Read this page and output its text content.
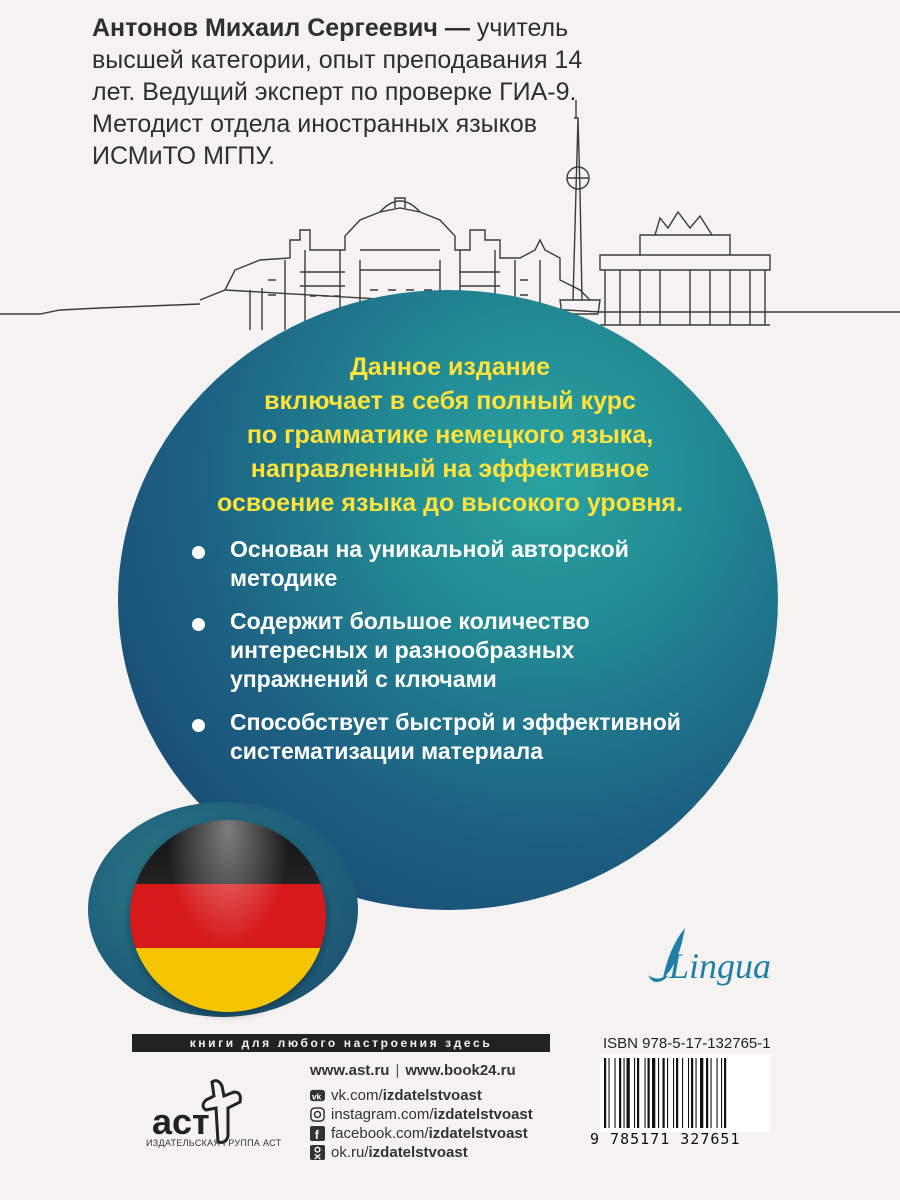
Антонов Михаил Сергеевич — учитель высшей категории, опыт преподавания 14 лет. Ведущий эксперт по проверке ГИА-9. Методист отдела иностранных языков ИСМиТО МГПУ.
Данное издание
включает в себя полный курс
по грамматике немецкого языка,
направленный на эффективное
освоение языка до высокого уровня.
Основан на уникальной авторской методике
Содержит большое количество интересных и разнообразных упражнений с ключами
Способствует быстрой и эффективной систематизации материала
Lingua
книги для любого настроения здесь
аст
ИЗДАТЕЛЬСКАЯ ГРУППА АСТ
www.ast.ru | www.book24.ru
vk vk.com/ izdatelstvoast
instagram.com/ izdatelstvoast
f facebook.com/ izdatelstvoast
ok.ru/ izdatelstvoast
ISBN 978-5-17-132765-1
9 785171 327651
